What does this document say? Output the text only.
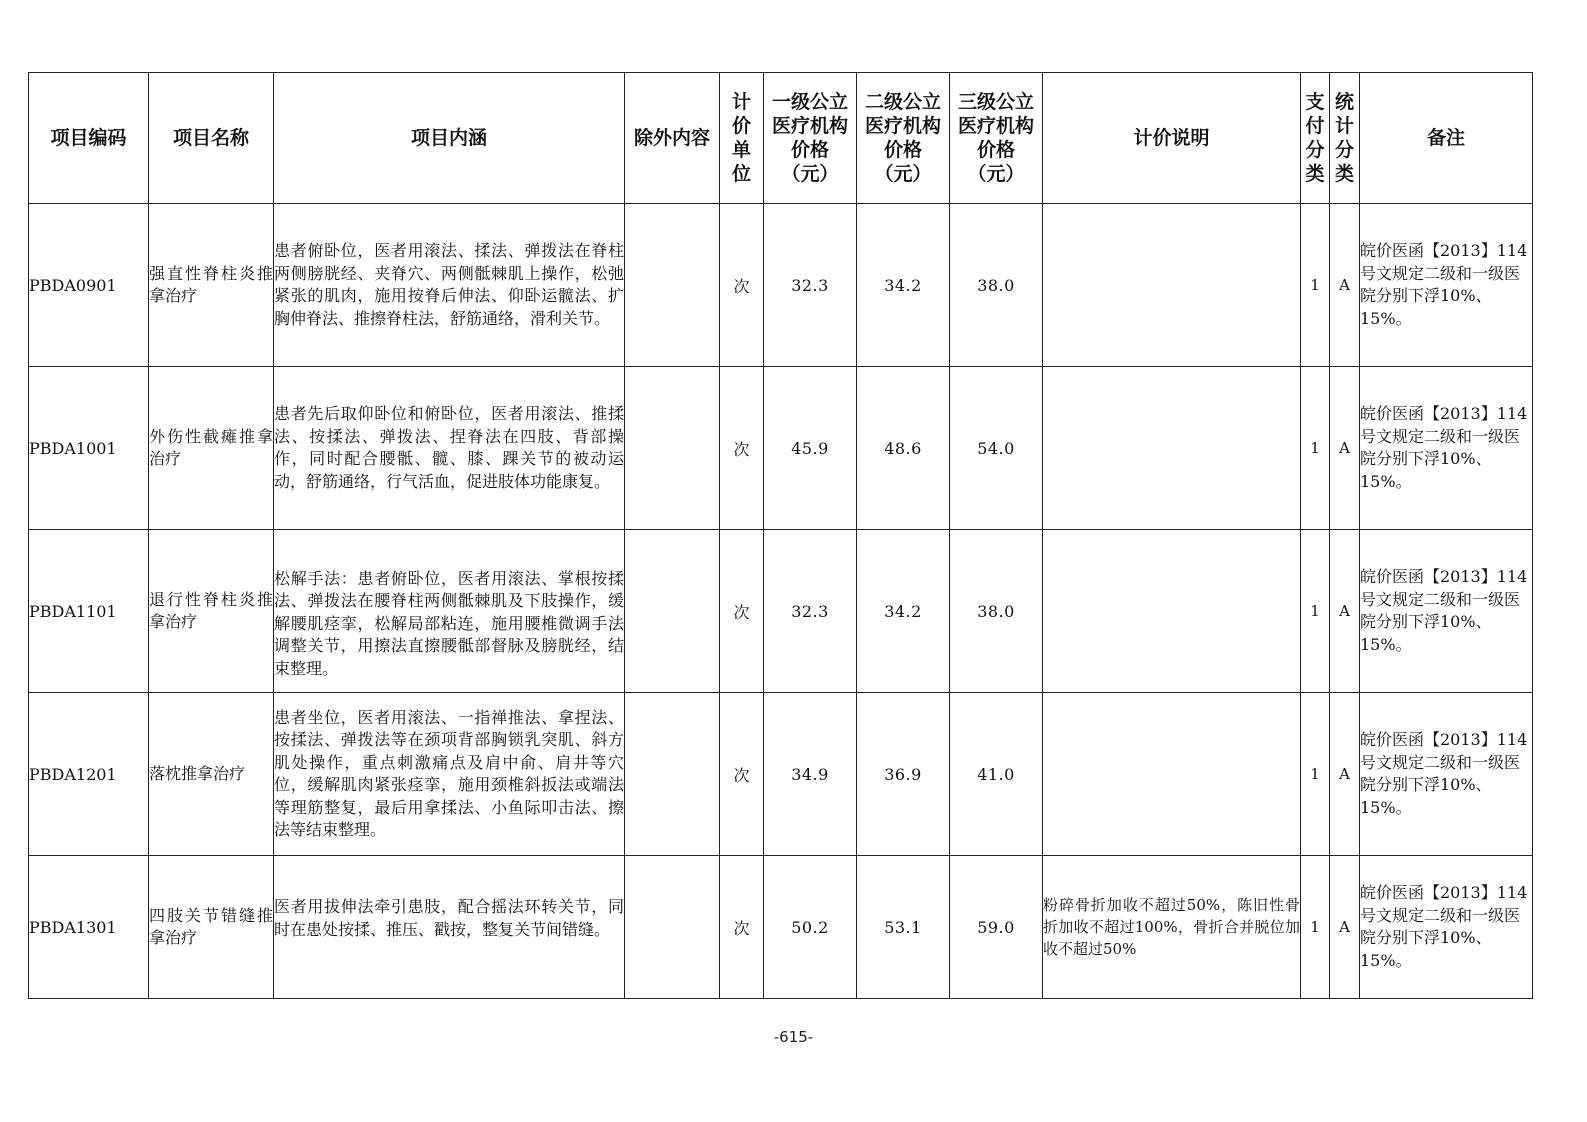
项目编码	项目名称	项目内涵	除外内容	计价单位	一级公立医疗机构价格（元）	二级公立医疗机构价格（元）	三级公立医疗机构价格（元）	计价说明	支付分类	统计分类	备注
PBDA0901	强直性脊柱炎推拿治疗	患者俯卧位，医者用滚法、揉法、弹拨法在脊柱两侧膀胱经、夹脊穴、两侧骶棘肌上操作，松弛紧张的肌肉，施用按脊后伸法、仰卧运髋法、扩胸伸脊法、推擦脊柱法，舒筋通络，滑利关节。		次	32.3	34.2	38.0		1	A	皖价医函【2013】114号文规定二级和一级医院分别下浮10%、15%。
PBDA1001	外伤性截瘫推拿治疗	患者先后取仰卧位和俯卧位，医者用滚法、推揉法、按揉法、弹拨法、捏脊法在四肢、背部操作，同时配合腰骶、髋、膝、踝关节的被动运动，舒筋通络，行气活血，促进肢体功能康复。		次	45.9	48.6	54.0		1	A	皖价医函【2013】114号文规定二级和一级医院分别下浮10%、15%。
PBDA1101	退行性脊柱炎推拿治疗	松解手法：患者俯卧位，医者用滚法、掌根按揉法、弹拨法在腰脊柱两侧骶棘肌及下肢操作，缓解腰肌痉挛，松解局部粘连，施用腰椎微调手法调整关节，用擦法直擦腰骶部督脉及膀胱经，结束整理。		次	32.3	34.2	38.0		1	A	皖价医函【2013】114号文规定二级和一级医院分别下浮10%、15%。
PBDA1201	落枕推拿治疗	患者坐位，医者用滚法、一指禅推法、拿捏法、按揉法、弹拨法等在颈项背部胸锁乳突肌、斜方肌处操作，重点刺激痛点及肩中俞、肩井等穴位，缓解肌肉紧张痉挛，施用颈椎斜扳法或端法等理筋整复，最后用拿揉法、小鱼际叩击法、擦法等结束整理。		次	34.9	36.9	41.0		1	A	皖价医函【2013】114号文规定二级和一级医院分别下浮10%、15%。
PBDA1301	四肢关节错缝推拿治疗	医者用拔伸法牵引患肢，配合摇法环转关节，同时在患处按揉、推压、戳按，整复关节间错缝。		次	50.2	53.1	59.0	粉碎骨折加收不超过50%，陈旧性骨折加收不超过100%，骨折合并脱位加收不超过50%	1	A	皖价医函【2013】114号文规定二级和一级医院分别下浮10%、15%。
-615-
